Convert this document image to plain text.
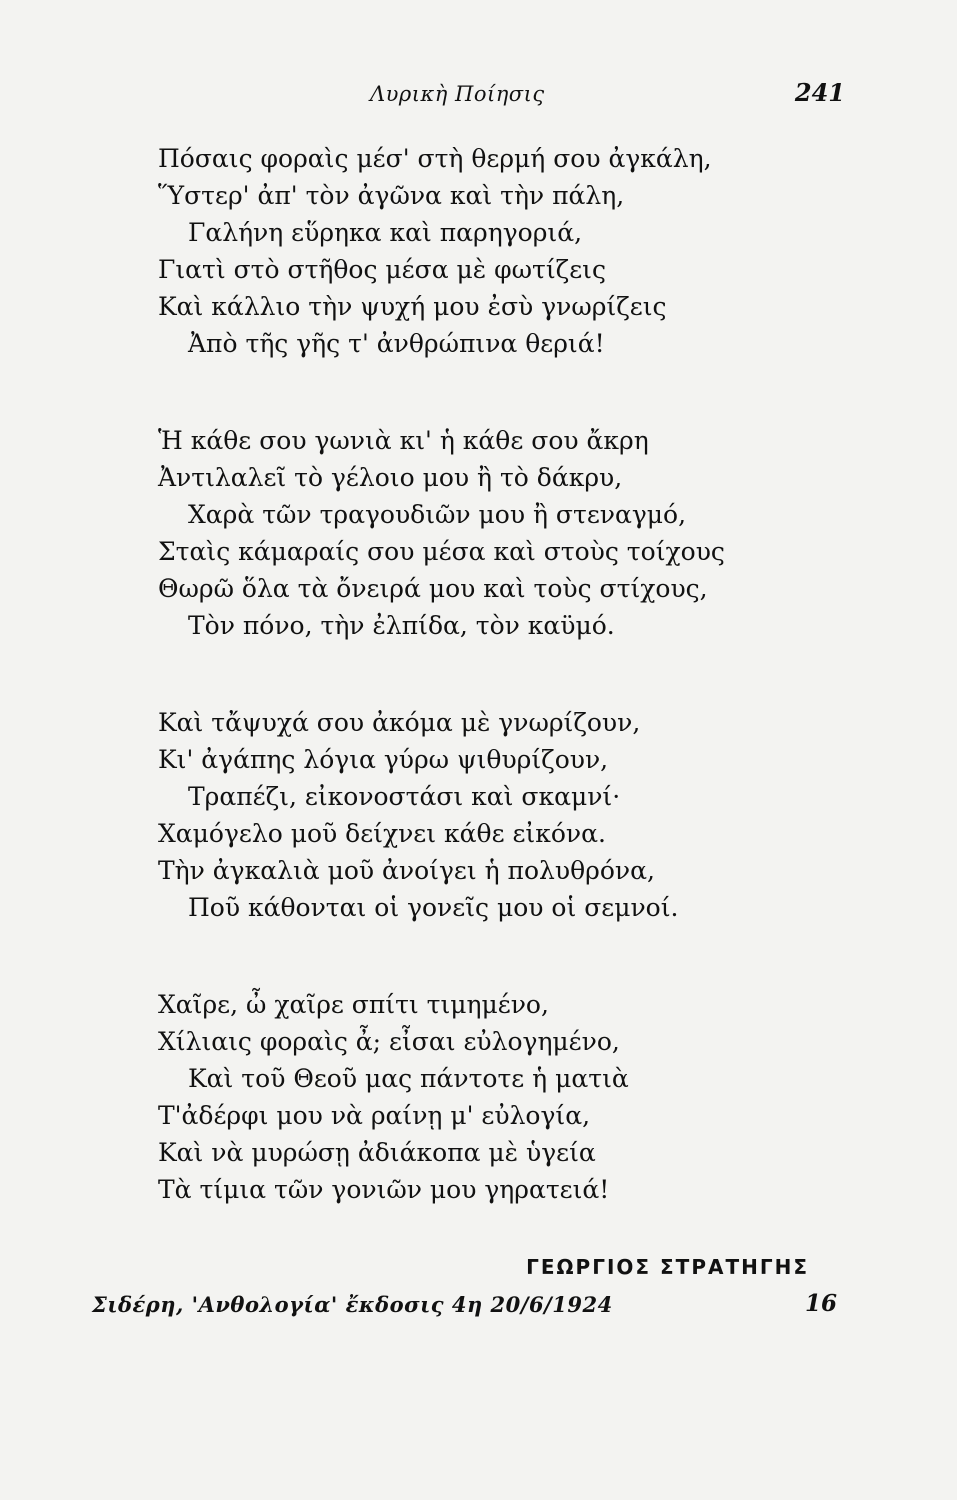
Λυρικὴ Ποίησις	241
Πόσαις φοραὶς μέσ' στὴ θερμή σου ἀγκάλη,
Ὕστερ' ἀπ' τὸν ἀγῶνα καὶ τὴν πάλη,
Γαλήνη εὕρηκα καὶ παρηγοριά,
Γιατὶ στὸ στῆθος μέσα μὲ φωτίζεις
Καὶ κάλλιο τὴν ψυχή μου ἐσὺ γνωρίζεις
Ἀπὸ τῆς γῆς τ' ἀνθρώπινα θεριά!
Ἡ κάθε σου γωνιὰ κι' ἡ κάθε σου ἄκρη
Ἀντιλαλεῖ τὸ γέλοιο μου ἢ τὸ δάκρυ,
Χαρὰ τῶν τραγουδιῶν μου ἢ στεναγμό,
Σταὶς κάμαραίς σου μέσα καὶ στοὺς τοίχους
Θωρῶ ὅλα τὰ ὄνειρά μου καὶ τοὺς στίχους,
Τὸν πόνο, τὴν ἐλπίδα, τὸν καϋμό.
Καὶ τἄψυχά σου ἀκόμα μὲ γνωρίζουν,
Κι' ἀγάπης λόγια γύρω ψιθυρίζουν,
Τραπέζι, εἰκονοστάσι καὶ σκαμνί·
Χαμόγελο μοῦ δείχνει κάθε εἰκόνα.
Τὴν ἀγκαλιὰ μοῦ ἀνοίγει ἡ πολυθρόνα,
Ποῦ κάθονται οἱ γονεῖς μου οἱ σεμνοί.
Χαῖρε, ὦ χαῖρε σπίτι τιμημένο,
Χίλιαις φοραὶς ἆ; εἶσαι εὐλογημένο,
Καὶ τοῦ Θεοῦ μας πάντοτε ἡ ματιὰ
Τ'ἀδέρφι μου νὰ ραίνῃ μ' εὐλογία,
Καὶ νὰ μυρώσῃ ἀδιάκοπα μὲ ὑγεία
Τὰ τίμια τῶν γονιῶν μου γηρατειά!
ΓΕΩΡΓΙΟΣ ΣΤΡΑΤΗΓΗΣ
Σιδέρη, 'Ανθολογία' ἔκδοσις 4η 20/6/1924	16
